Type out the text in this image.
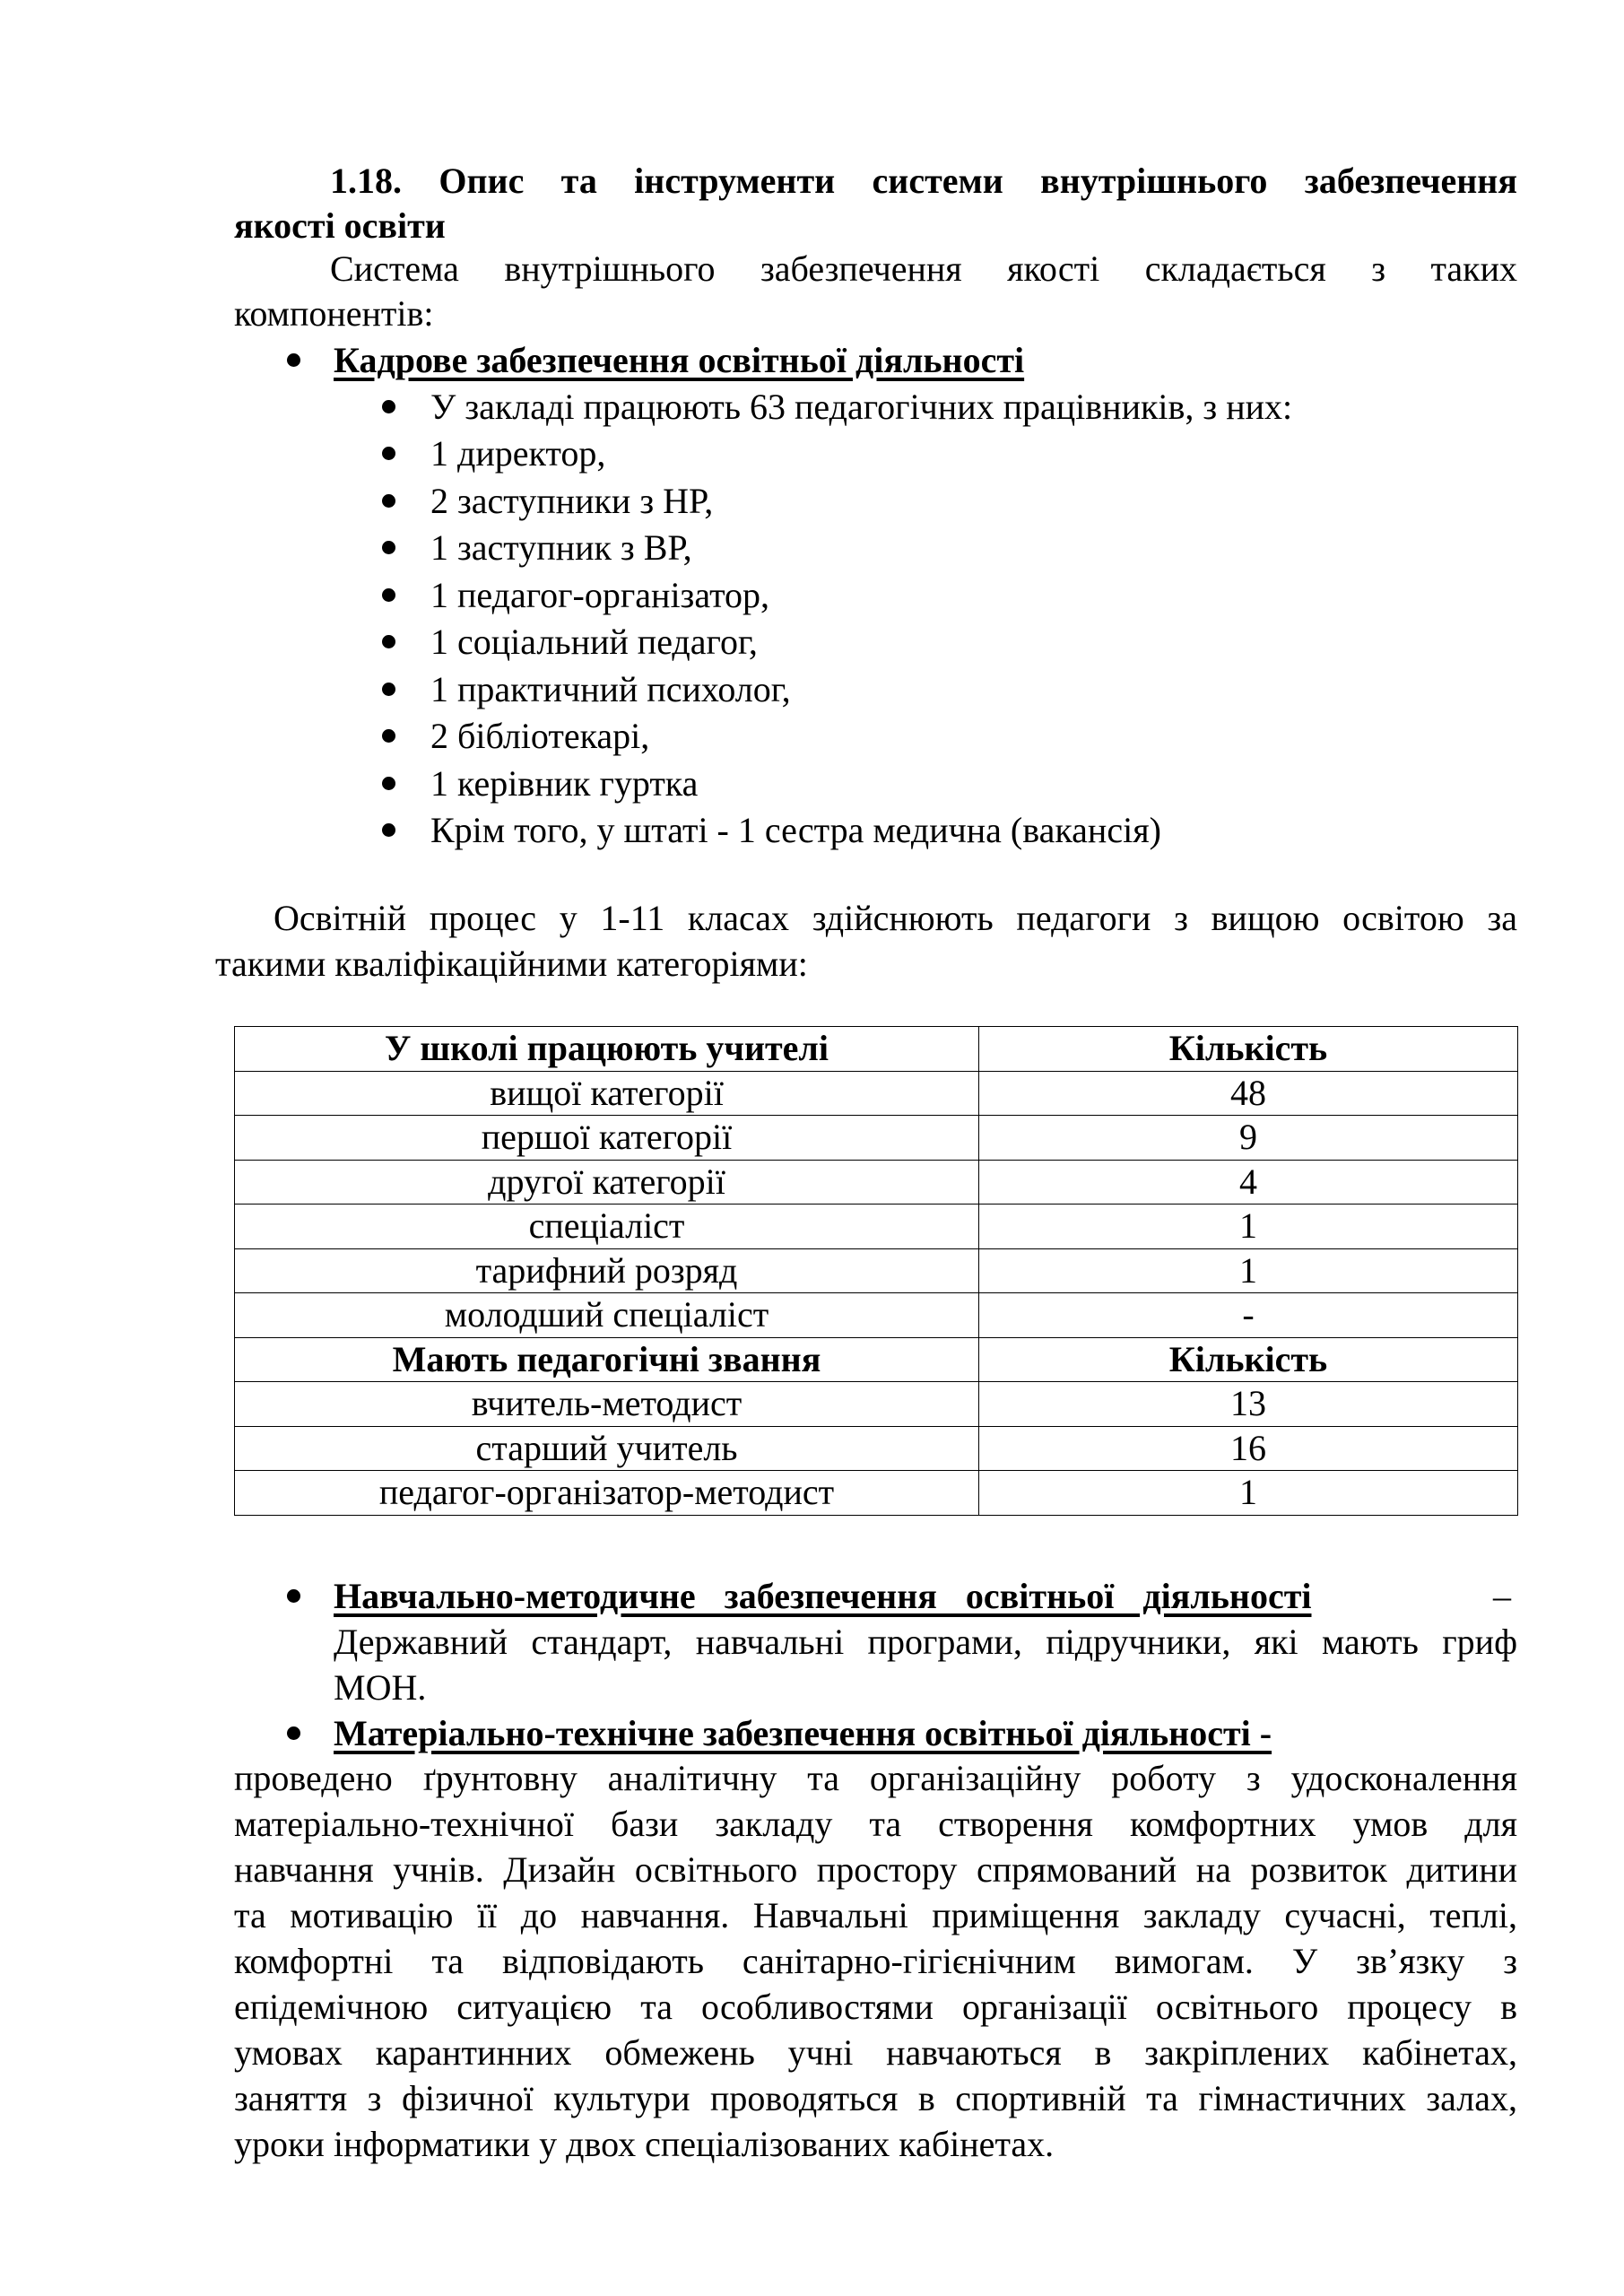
1.18. Опис та інструменти системи внутрішнього забезпечення
якості освіти
Система внутрішнього забезпечення якості складається з таких
компонентів:
Кадрове забезпечення освітньої діяльності
У закладі працюють 63 педагогічних працівників, з них:
1 директор,
2 заступники з НР,
1 заступник з ВР,
1 педагог-організатор,
1 соціальний педагог,
1 практичний психолог,
2 бібліотекарі,
1 керівник гуртка
Крім того, у штаті - 1 сестра медична (вакансія)
Освітній процес у 1-11 класах здійснюють педагоги з вищою освітою за
такими кваліфікаційними категоріями:
У школі працюють учителі	Кількість
вищої категорії	48
першої категорії	9
другої категорії	4
спеціаліст	1
тарифний розряд	1
молодший спеціаліст	-
Мають педагогічні звання	Кількість
вчитель-методист	13
старший учитель	16
педагог-організатор-методист	1
Навчально-методичне забезпечення освітньої діяльності	–
Державний стандарт, навчальні програми, підручники, які мають гриф
МОН.
Матеріально-технічне забезпечення освітньої діяльності -
проведено ґрунтовну аналітичну та організаційну роботу з удосконалення
матеріально-технічної бази закладу та створення комфортних умов для
навчання учнів. Дизайн освітнього простору спрямований на розвиток дитини
та мотивацію її до навчання. Навчальні приміщення закладу сучасні, теплі,
комфортні та відповідають санітарно-гігієнічним вимогам. У зв’язку з
епідемічною ситуацією та особливостями організації освітнього процесу в
умовах карантинних обмежень учні навчаються в закріплених кабінетах,
заняття з фізичної культури проводяться в спортивній та гімнастичних залах,
уроки інформатики у двох спеціалізованих кабінетах.
